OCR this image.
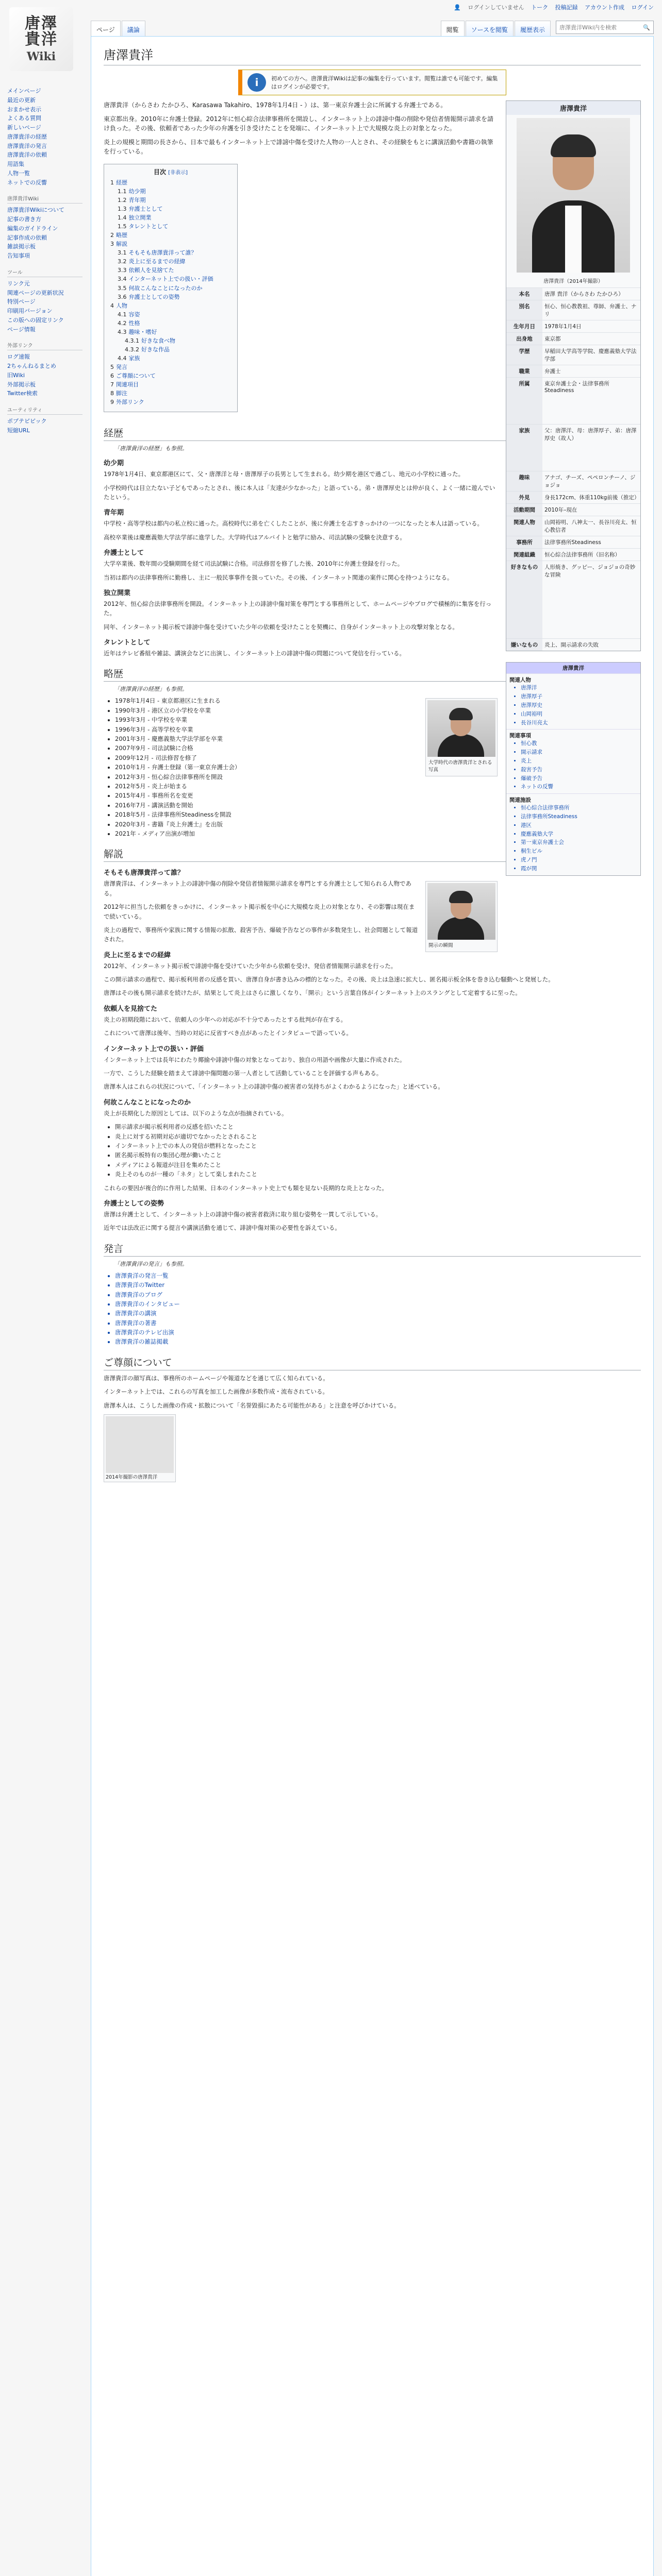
唐澤
貴洋
Wiki
👤 ログインしていません トーク 投稿記録 アカウント作成 ログイン
ページ	議論	閲覧	ソースを閲覧	履歴表示
唐澤貴洋Wiki内を検索	🔍
メインページ
最近の更新
おまかせ表示
よくある質問
新しいページ
唐澤貴洋の経歴
唐澤貴洋の発言
唐澤貴洋の依頼
用語集
人物一覧
ネットでの反響
唐澤貴洋Wiki
唐澤貴洋Wikiについて
記事の書き方
編集のガイドライン
記事作成の依頼
雑談掲示板
告知事項
ツール
リンク元
関連ページの更新状況
特別ページ
印刷用バージョン
この版への固定リンク
ページ情報
外部リンク
ログ速報
2ちゃんねるまとめ
旧Wiki
外部掲示板
Twitter検索
ユーティリティ
ポプテピピック
短縮URL
唐澤貴洋
i	初めての方へ。唐澤貴洋Wikiは記事の編集を行っています。閲覧は誰でも可能です。編集はログインが必要です。
唐澤貴洋
唐澤貴洋（2014年撮影）
本名	唐澤 貴洋（からさわ たかひろ）
別名	恒心、恒心教教祖、尊師、弁護士、ナリ
生年月日	1978年1月4日
出身地	東京都
学歴	早稲田大学高等学院、慶應義塾大学法学部
職業	弁護士
所属	東京弁護士会・法律事務所Steadiness
家族	父：唐澤洋、母：唐澤厚子、弟：唐澤厚史（故人）
趣味	アナゴ、チーズ、ペペロンチーノ、ジョジョ
外見	身長172cm、体重110kg前後（推定）
活動期間	2010年–現在
関連人物	山岡裕明、八神太一、長谷川亮太、恒心教信者
事務所	法律事務所Steadiness
関連組織	恒心綜合法律事務所（旧名称）
好きなもの	人形焼き、グッピー、ジョジョの奇妙な冒険
嫌いなもの	炎上、開示請求の失敗

唐澤貴洋（からさわ たかひろ、Karasawa Takahiro、1978年1月4日 - ）は、第一東京弁護士会に所属する弁護士である。

東京都出身。2010年に弁護士登録。2012年に恒心綜合法律事務所を開設し、インターネット上の誹謗中傷の削除や発信者情報開示請求を請け負った。その後、依頼者であった少年の弁護を引き受けたことを発端に、インターネット上で大規模な炎上の対象となった。

炎上の規模と期間の長さから、日本で最もインターネット上で誹謗中傷を受けた人物の一人とされ、その経験をもとに講演活動や書籍の執筆を行っている。

目次 [非表示]
1 経歴
1.1 幼少期
1.2 青年期
1.3 弁護士として
1.4 独立開業
1.5 タレントとして
2 略歴
3 解説
3.1 そもそも唐澤貴洋って誰？
3.2 炎上に至るまでの経緯
3.3 依頼人を見捨てた
3.4 インターネット上での扱い・評価
3.5 何故こんなことになったのか
3.6 弁護士としての姿勢
4 人物
4.1 容姿
4.2 性格
4.3 趣味・嗜好
4.3.1 好きな食べ物
4.3.2 好きな作品
4.4 家族
5 発言
6 ご尊顔について
7 関連項目
8 脚注
9 外部リンク
経歴
「唐澤貴洋の経歴」も参照。
幼少期

1978年1月4日、東京都港区にて、父・唐澤洋と母・唐澤厚子の長男として生まれる。幼少期を港区で過ごし、地元の小学校に通った。

小学校時代は目立たない子どもであったとされ、後に本人は「友達が少なかった」と語っている。弟・唐澤厚史とは仲が良く、よく一緒に遊んでいたという。

青年期

中学校・高等学校は都内の私立校に通った。高校時代に弟を亡くしたことが、後に弁護士を志すきっかけの一つになったと本人は語っている。

高校卒業後は慶應義塾大学法学部に進学した。大学時代はアルバイトと勉学に励み、司法試験の受験を決意する。

弁護士として

大学卒業後、数年間の受験期間を経て司法試験に合格。司法修習を修了した後、2010年に弁護士登録を行った。

当初は都内の法律事務所に勤務し、主に一般民事事件を扱っていた。その後、インターネット関連の案件に関心を持つようになる。

独立開業

2012年、恒心綜合法律事務所を開設。インターネット上の誹謗中傷対策を専門とする事務所として、ホームページやブログで積極的に集客を行った。

同年、インターネット掲示板で誹謗中傷を受けていた少年の依頼を受けたことを契機に、自身がインターネット上の攻撃対象となる。

タレントとして

近年はテレビ番組や雑誌、講演会などに出演し、インターネット上の誹謗中傷の問題について発信を行っている。

唐澤貴洋
関連人物
• 唐澤洋
• 唐澤厚子
• 唐澤厚史
• 山岡裕明
• 長谷川亮太
関連事項
• 恒心教
• 開示請求
• 炎上
• 殺害予告
• 爆破予告
• ネットの反響
関連施設
• 恒心綜合法律事務所
• 法律事務所Steadiness
• 港区
• 慶應義塾大学
• 第一東京弁護士会
• 桐生ビル
• 虎ノ門
• 霞が関
略歴
「唐澤貴洋の経歴」も参照。
大学時代の唐澤貴洋とされる写真
• 1978年1月4日 - 東京都港区に生まれる
• 1990年3月 - 港区立の小学校を卒業
• 1993年3月 - 中学校を卒業
• 1996年3月 - 高等学校を卒業
• 2001年3月 - 慶應義塾大学法学部を卒業
• 2007年9月 - 司法試験に合格
• 2009年12月 - 司法修習を修了
• 2010年1月 - 弁護士登録（第一東京弁護士会）
• 2012年3月 - 恒心綜合法律事務所を開設
• 2012年5月 - 炎上が始まる
• 2015年4月 - 事務所名を変更
• 2016年7月 - 講演活動を開始
• 2018年5月 - 法律事務所Steadinessを開設
• 2020年3月 - 書籍『炎上弁護士』を出版
• 2021年 - メディア出演が増加
解説
そもそも唐澤貴洋って誰？
開示の瞬間

唐澤貴洋は、インターネット上の誹謗中傷の削除や発信者情報開示請求を専門とする弁護士として知られる人物である。

2012年に担当した依頼をきっかけに、インターネット掲示板を中心に大規模な炎上の対象となり、その影響は現在まで続いている。

炎上の過程で、事務所や家族に関する情報の拡散、殺害予告、爆破予告などの事件が多数発生し、社会問題として報道された。

炎上に至るまでの経緯

2012年、インターネット掲示板で誹謗中傷を受けていた少年から依頼を受け、発信者情報開示請求を行った。

この開示請求の過程で、掲示板利用者の反感を買い、唐澤自身が書き込みの標的となった。その後、炎上は急速に拡大し、匿名掲示板全体を巻き込む騒動へと発展した。

唐澤はその後も開示請求を続けたが、結果として炎上はさらに激しくなり、「開示」という言葉自体がインターネット上のスラングとして定着するに至った。

依頼人を見捨てた

炎上の初期段階において、依頼人の少年への対応が不十分であったとする批判が存在する。

これについて唐澤は後年、当時の対応に反省すべき点があったとインタビューで語っている。

インターネット上での扱い・評価

インターネット上では長年にわたり揶揄や誹謗中傷の対象となっており、独自の用語や画像が大量に作成された。

一方で、こうした経験を踏まえて誹謗中傷問題の第一人者として活動していることを評価する声もある。

唐澤本人はこれらの状況について、「インターネット上の誹謗中傷の被害者の気持ちがよくわかるようになった」と述べている。

何故こんなことになったのか

炎上が長期化した原因としては、以下のような点が指摘されている。

• 開示請求が掲示板利用者の反感を招いたこと
• 炎上に対する初期対応が適切でなかったとされること
• インターネット上での本人の発信が燃料となったこと
• 匿名掲示板特有の集団心理が働いたこと
• メディアによる報道が注目を集めたこと
• 炎上そのものが一種の「ネタ」として楽しまれたこと

これらの要因が複合的に作用した結果、日本のインターネット史上でも類を見ない長期的な炎上となった。

弁護士としての姿勢

唐澤は弁護士として、インターネット上の誹謗中傷の被害者救済に取り組む姿勢を一貫して示している。

近年では法改正に関する提言や講演活動を通じて、誹謗中傷対策の必要性を訴えている。

発言
「唐澤貴洋の発言」も参照。
• 唐澤貴洋の発言一覧
• 唐澤貴洋のTwitter
• 唐澤貴洋のブログ
• 唐澤貴洋のインタビュー
• 唐澤貴洋の講演
• 唐澤貴洋の著書
• 唐澤貴洋のテレビ出演
• 唐澤貴洋の雑誌掲載
ご尊顔について

唐澤貴洋の顔写真は、事務所のホームページや報道などを通じて広く知られている。

インターネット上では、これらの写真を加工した画像が多数作成・流布されている。

唐澤本人は、こうした画像の作成・拡散について「名誉毀損にあたる可能性がある」と注意を呼びかけている。

2014年撮影の唐澤貴洋
